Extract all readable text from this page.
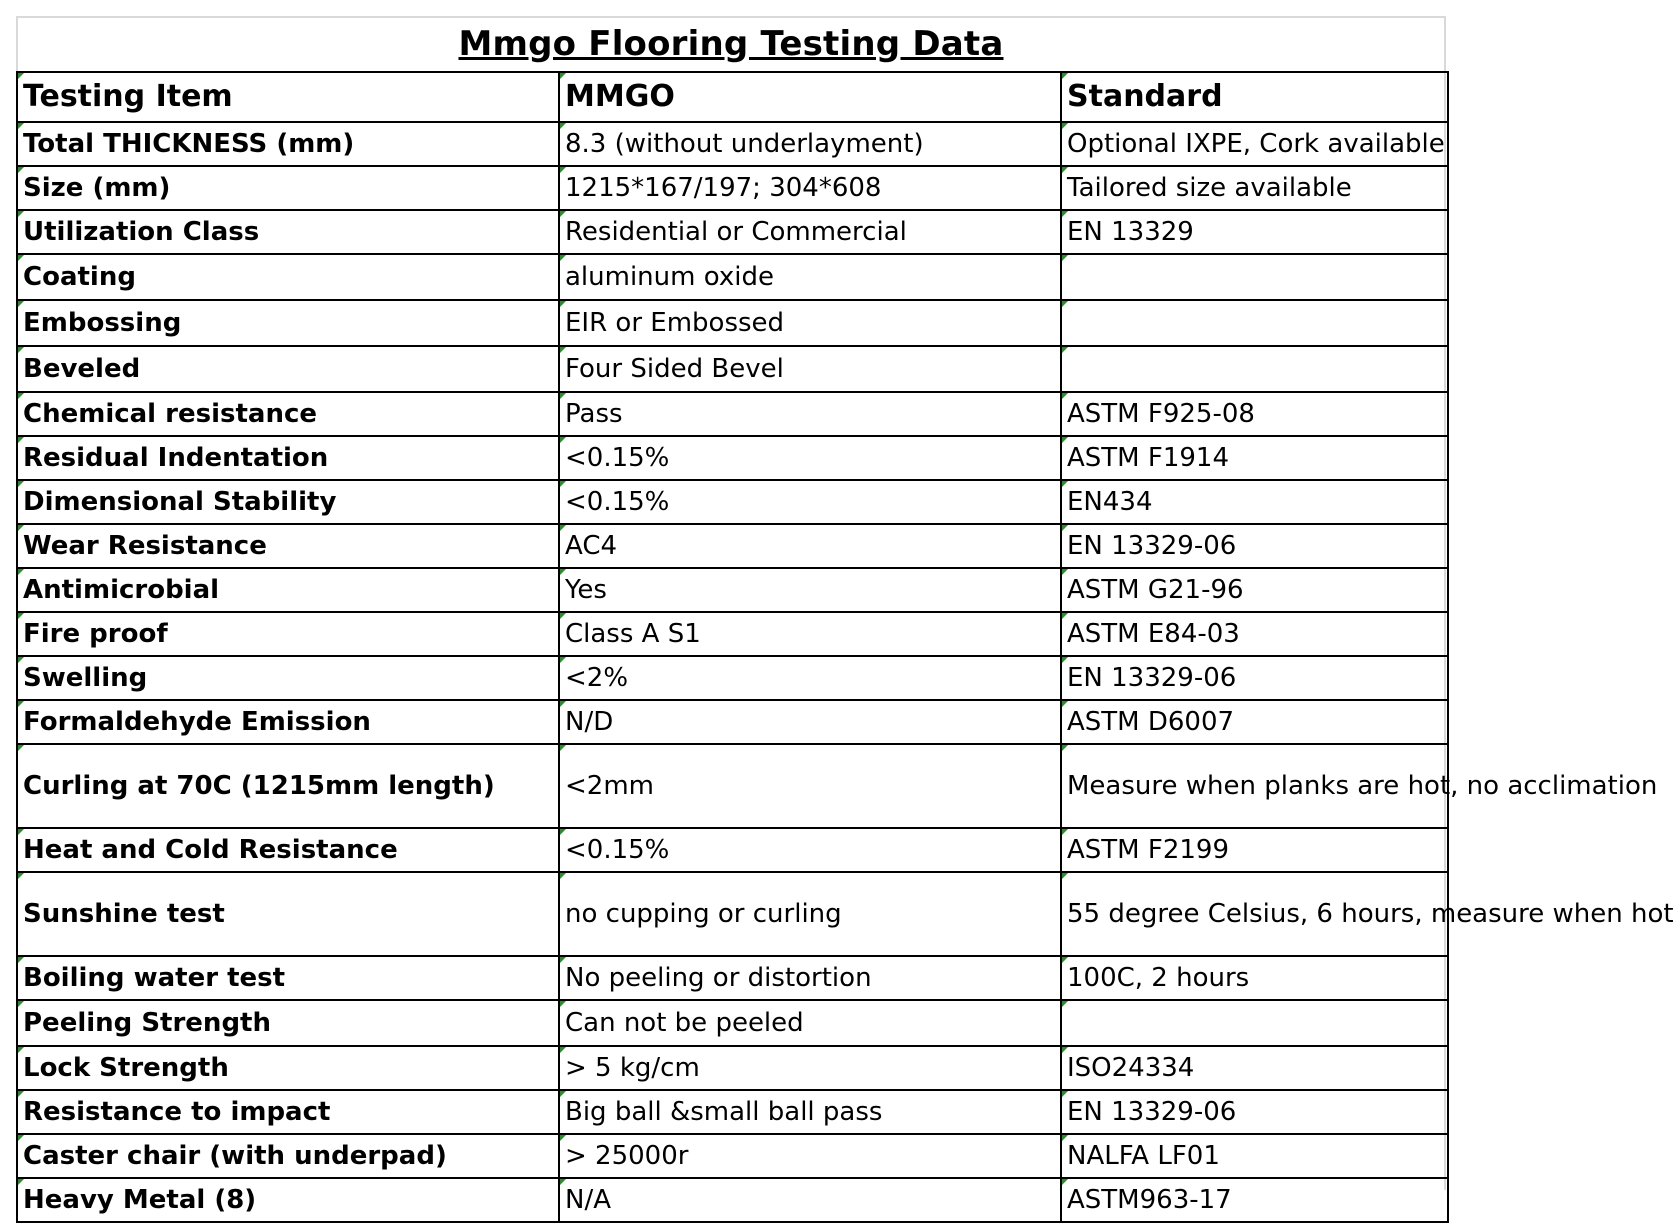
Mmgo Flooring Testing Data
Testing Item	MMGO	Standard
Total THICKNESS (mm)	8.3 (without underlayment)	Optional IXPE, Cork available
Size (mm)	1215*167/197; 304*608	Tailored size available
Utilization Class	Residential or Commercial	EN 13329
Coating	aluminum oxide	
Embossing	EIR or Embossed	
Beveled	Four Sided Bevel	
Chemical resistance	Pass	ASTM F925-08
Residual Indentation	<0.15%	ASTM F1914
Dimensional Stability	<0.15%	EN434
Wear Resistance	AC4	EN 13329-06
Antimicrobial	Yes	ASTM G21-96
Fire proof	Class A S1	ASTM E84-03
Swelling	<2%	EN 13329-06
Formaldehyde Emission	N/D	ASTM D6007
Curling at 70C (1215mm length)	<2mm	Measure when planks are hot, no acclimation
Heat and Cold Resistance	<0.15%	ASTM F2199
Sunshine test	no cupping or curling	55 degree Celsius, 6 hours, measure when hot
Boiling water test	No peeling or distortion	100C, 2 hours
Peeling Strength	Can not be peeled	
Lock Strength	> 5 kg/cm	ISO24334
Resistance to impact	Big ball &small ball pass	EN 13329-06
Caster chair (with underpad)	> 25000r	NALFA LF01
Heavy Metal (8)	N/A	ASTM963-17
